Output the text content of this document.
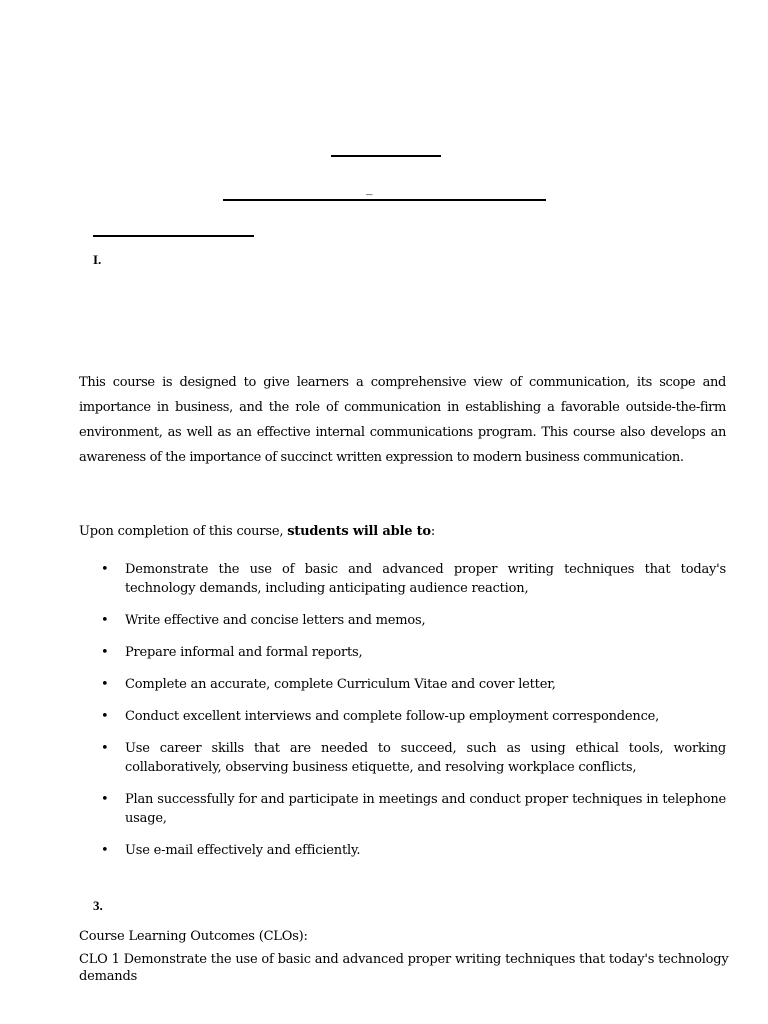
_
I.
This course is designed to give learners a comprehensive view of communication, its scope and importance in business, and the role of communication in establishing a favorable outside-the-firm environment, as well as an effective internal communications program. This course also develops an awareness of the importance of succinct written expression to modern business communication.
Upon completion of this course, students will able to:
• Demonstrate the use of basic and advanced proper writing techniques that today's technology demands, including anticipating audience reaction,
• Write effective and concise letters and memos,
• Prepare informal and formal reports,
• Complete an accurate, complete Curriculum Vitae and cover letter,
• Conduct excellent interviews and complete follow-up employment correspondence,
• Use career skills that are needed to succeed, such as using ethical tools, working collaboratively, observing business etiquette, and resolving workplace conflicts,
• Plan successfully for and participate in meetings and conduct proper techniques in telephone usage,
• Use e-mail effectively and efficiently.
3.
Course Learning Outcomes (CLOs):
CLO 1 Demonstrate the use of basic and advanced proper writing techniques that today's technology demands
